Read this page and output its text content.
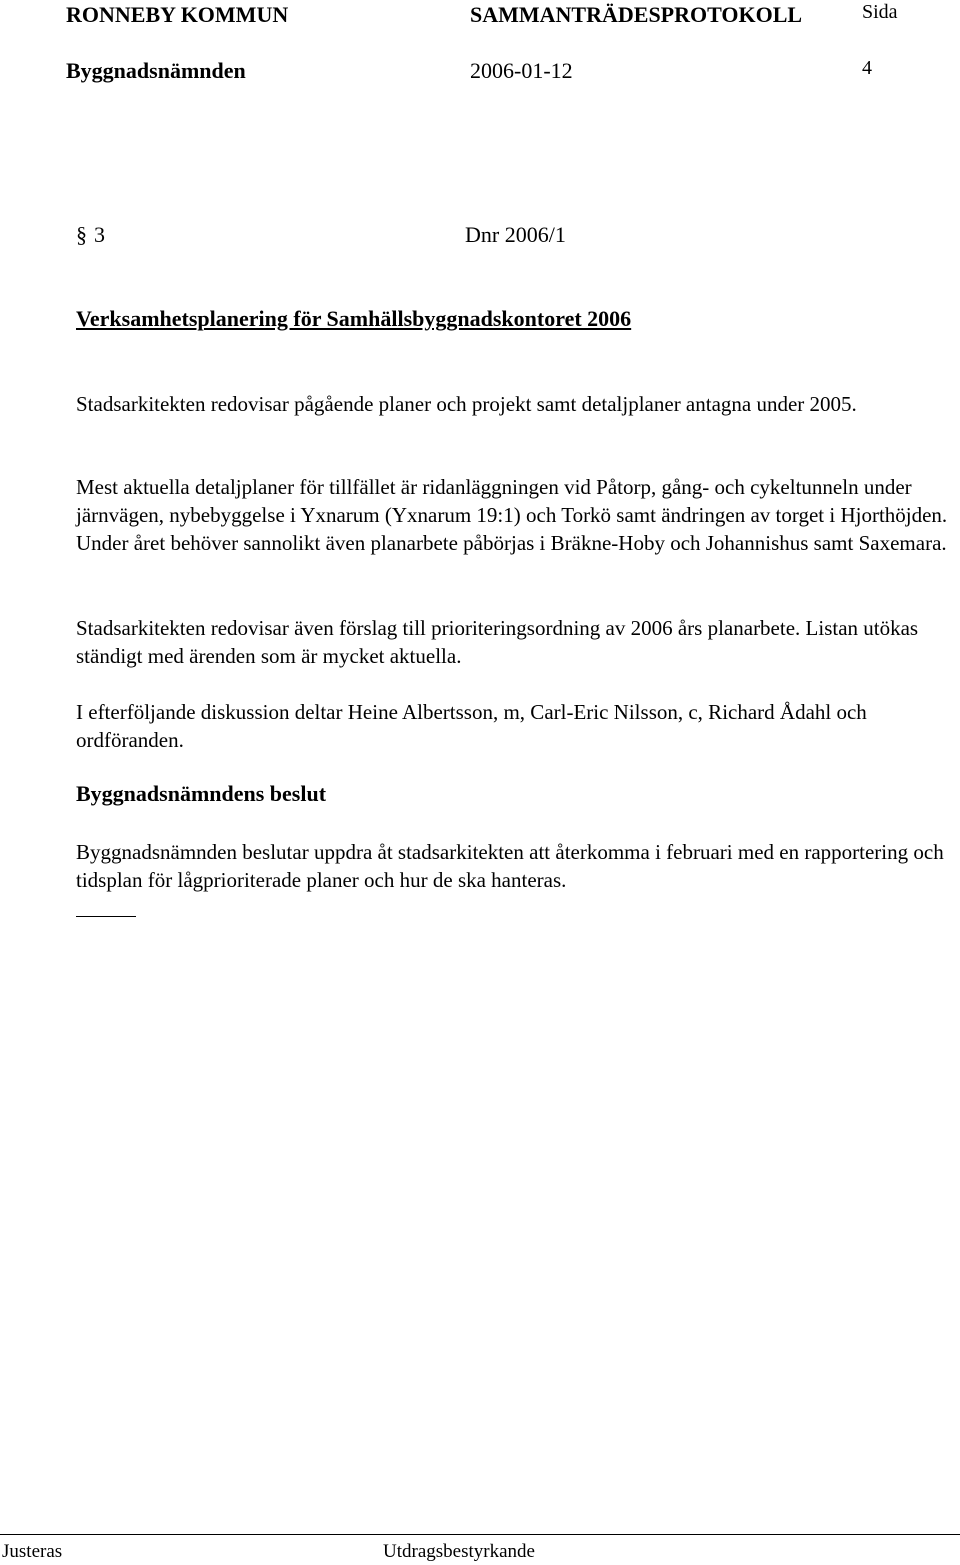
RONNEBY KOMMUN	SAMMANTRÄDESPROTOKOLL	Sida
Byggnadsnämnden	2006-01-12	4
§ 3	Dnr 2006/1
Verksamhetsplanering för Samhällsbyggnadskontoret 2006

Stadsarkitekten redovisar pågående planer och projekt samt detaljplaner antagna under 2005.

Mest aktuella detaljplaner för tillfället är ridanläggningen vid Påtorp, gång- och cykeltunneln under järnvägen, nybebyggelse i Yxnarum (Yxnarum 19:1) och Torkö samt ändringen av torget i Hjorthöjden. Under året behöver sannolikt även planarbete påbörjas i Bräkne-Hoby och Johannishus samt Saxemara.

Stadsarkitekten redovisar även förslag till prioriteringsordning av 2006 års planarbete. Listan utökas ständigt med ärenden som är mycket aktuella.

I efterföljande diskussion deltar Heine Albertsson, m, Carl-Eric Nilsson, c, Richard Ådahl och ordföranden.

Byggnadsnämndens beslut

Byggnadsnämnden beslutar uppdra åt stadsarkitekten att återkomma i februari med en rapportering och tidsplan för lågprioriterade planer och hur de ska hanteras.

Justeras	Utdragsbestyrkande
